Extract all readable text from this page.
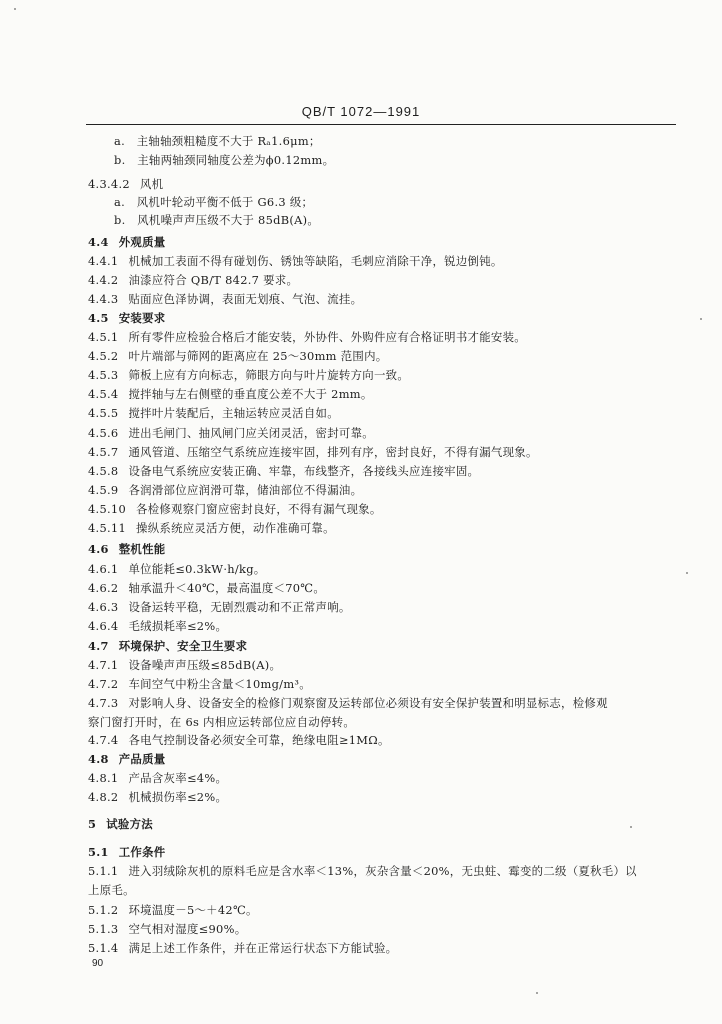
QB/T 1072—1991
a.　主轴轴颈粗糙度不大于 Rₐ1.6μm；
b.　主轴两轴颈同轴度公差为ϕ0.12mm。
4.3.4.2 风机
a.　风机叶轮动平衡不低于 G6.3 级；
b.　风机噪声声压级不大于 85dB(A)。
4.4 外观质量
4.4.1 机械加工表面不得有碰划伤、锈蚀等缺陷，毛刺应消除干净，锐边倒钝。
4.4.2 油漆应符合 QB/T 842.7 要求。
4.4.3 贴面应色泽协调，表面无划痕、气泡、流挂。
4.5 安装要求
4.5.1 所有零件应检验合格后才能安装，外协件、外购件应有合格证明书才能安装。
4.5.2 叶片端部与筛网的距离应在 25～30mm 范围内。
4.5.3 筛板上应有方向标志，筛眼方向与叶片旋转方向一致。
4.5.4 搅拌轴与左右侧壁的垂直度公差不大于 2mm。
4.5.5 搅拌叶片装配后，主轴运转应灵活自如。
4.5.6 进出毛闸门、抽风闸门应关闭灵活，密封可靠。
4.5.7 通风管道、压缩空气系统应连接牢固，排列有序，密封良好，不得有漏气现象。
4.5.8 设备电气系统应安装正确、牢靠，布线整齐，各接线头应连接牢固。
4.5.9 各润滑部位应润滑可靠，储油部位不得漏油。
4.5.10 各检修观察门窗应密封良好，不得有漏气现象。
4.5.11 操纵系统应灵活方便，动作准确可靠。
4.6 整机性能
4.6.1 单位能耗≤0.3kW·h/kg。
4.6.2 轴承温升＜40℃，最高温度＜70℃。
4.6.3 设备运转平稳，无剧烈震动和不正常声响。
4.6.4 毛绒损耗率≤2%。
4.7 环境保护、安全卫生要求
4.7.1 设备噪声声压级≤85dB(A)。
4.7.2 车间空气中粉尘含量＜10mg/m³。
4.7.3 对影响人身、设备安全的检修门观察窗及运转部位必须设有安全保护装置和明显标志，检修观
察门窗打开时，在 6s 内相应运转部位应自动停转。
4.7.4 各电气控制设备必须安全可靠，绝缘电阻≥1MΩ。
4.8 产品质量
4.8.1 产品含灰率≤4%。
4.8.2 机械损伤率≤2%。
5 试验方法
5.1 工作条件
5.1.1 进入羽绒除灰机的原料毛应是含水率＜13%，灰杂含量＜20%，无虫蛀、霉变的二级（夏秋毛）以
上原毛。
5.1.2 环境温度－5～＋42℃。
5.1.3 空气相对湿度≤90%。
5.1.4 满足上述工作条件，并在正常运行状态下方能试验。
90
